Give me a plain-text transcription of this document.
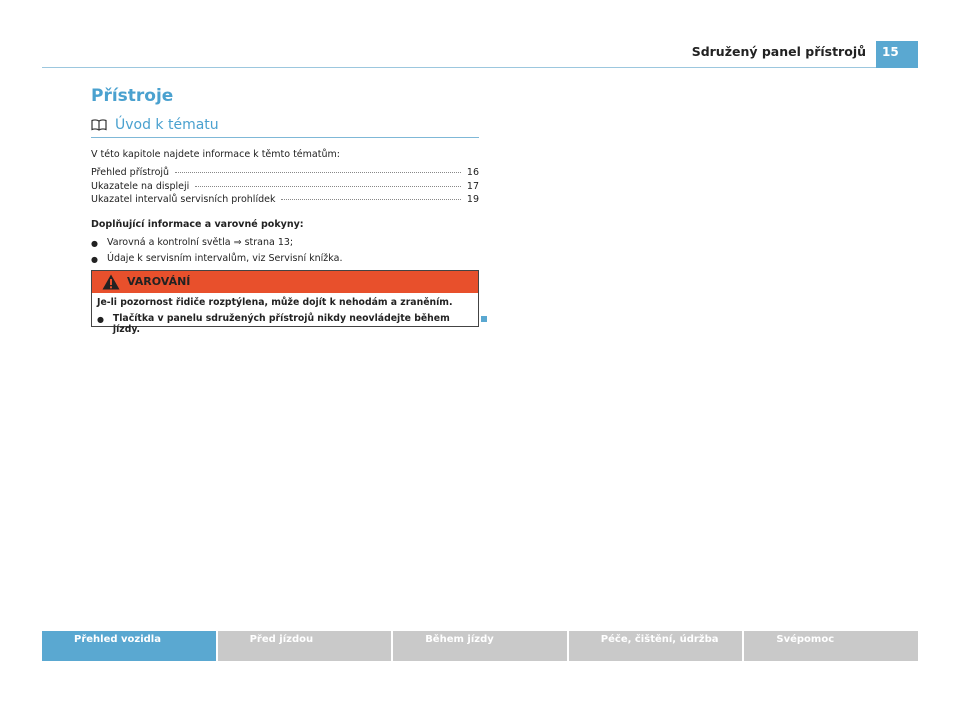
Sdružený panel přístrojů	15
Přístroje
Úvod k tématu
V této kapitole najdete informace k těmto tématům:
Přehled přístrojů	16
Ukazatele na displeji	17
Ukazatel intervalů servisních prohlídek	19
Doplňující informace a varovné pokyny:
● Varovná a kontrolní světla ⇒ strana 13;
● Údaje k servisním intervalům, viz Servisní knížka.
VAROVÁNÍ
Je-li pozornost řidiče rozptýlena, může dojít k nehodám a zraněním.
● Tlačítka v panelu sdružených přístrojů nikdy neovládejte během jízdy.
Přehled vozidla	Před jízdou	Během jízdy	Péče, čištění, údržba	Svépomoc
